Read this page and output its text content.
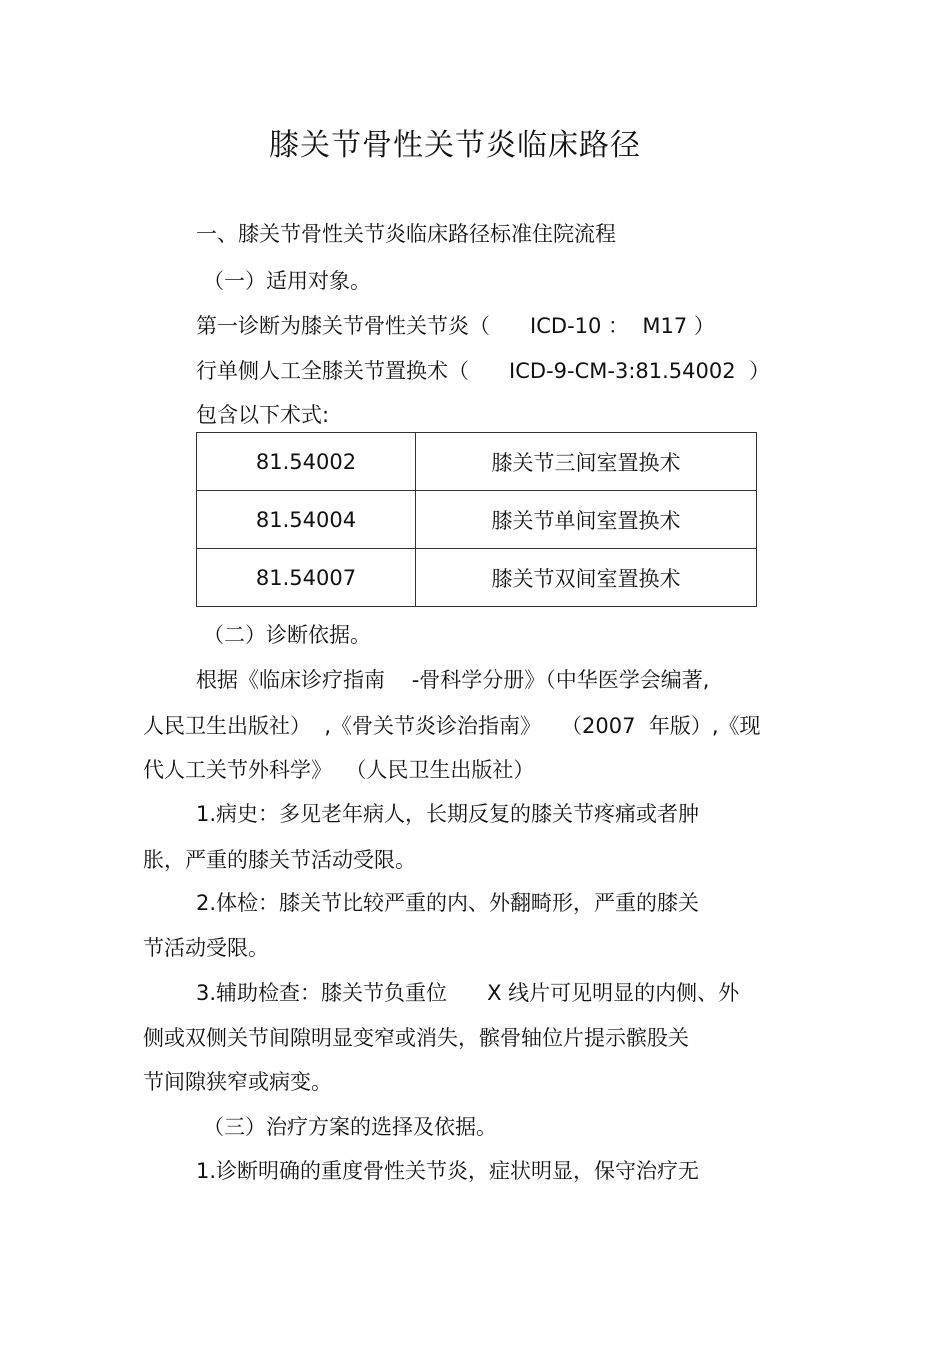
膝关节骨性关节炎临床路径
一、膝关节骨性关节炎临床路径标准住院流程
（一）适用对象。
第一诊断为膝关节骨性关节炎（      ICD-10 ：  M17 ）
行单侧人工全膝关节置换术（      ICD-9-CM-3:81.54002  ）
包含以下术式:
81.54002	膝关节三间室置换术
81.54004	膝关节单间室置换术
81.54007	膝关节双间室置换术
（二）诊断依据。
根据《临床诊疗指南    -骨科学分册》（中华医学会编著,
人民卫生出版社）  ,《骨关节炎诊治指南》   （2007  年版）,《现
代人工关节外科学》  （人民卫生出版社）
1.病史：多见老年病人，长期反复的膝关节疼痛或者肿
胀，严重的膝关节活动受限。
2.体检：膝关节比较严重的内、外翻畸形，严重的膝关
节活动受限。
3.辅助检查：膝关节负重位      X 线片可见明显的内侧、外
侧或双侧关节间隙明显变窄或消失，髌骨轴位片提示髌股关
节间隙狭窄或病变。
（三）治疗方案的选择及依据。
1.诊断明确的重度骨性关节炎，症状明显，保守治疗无
